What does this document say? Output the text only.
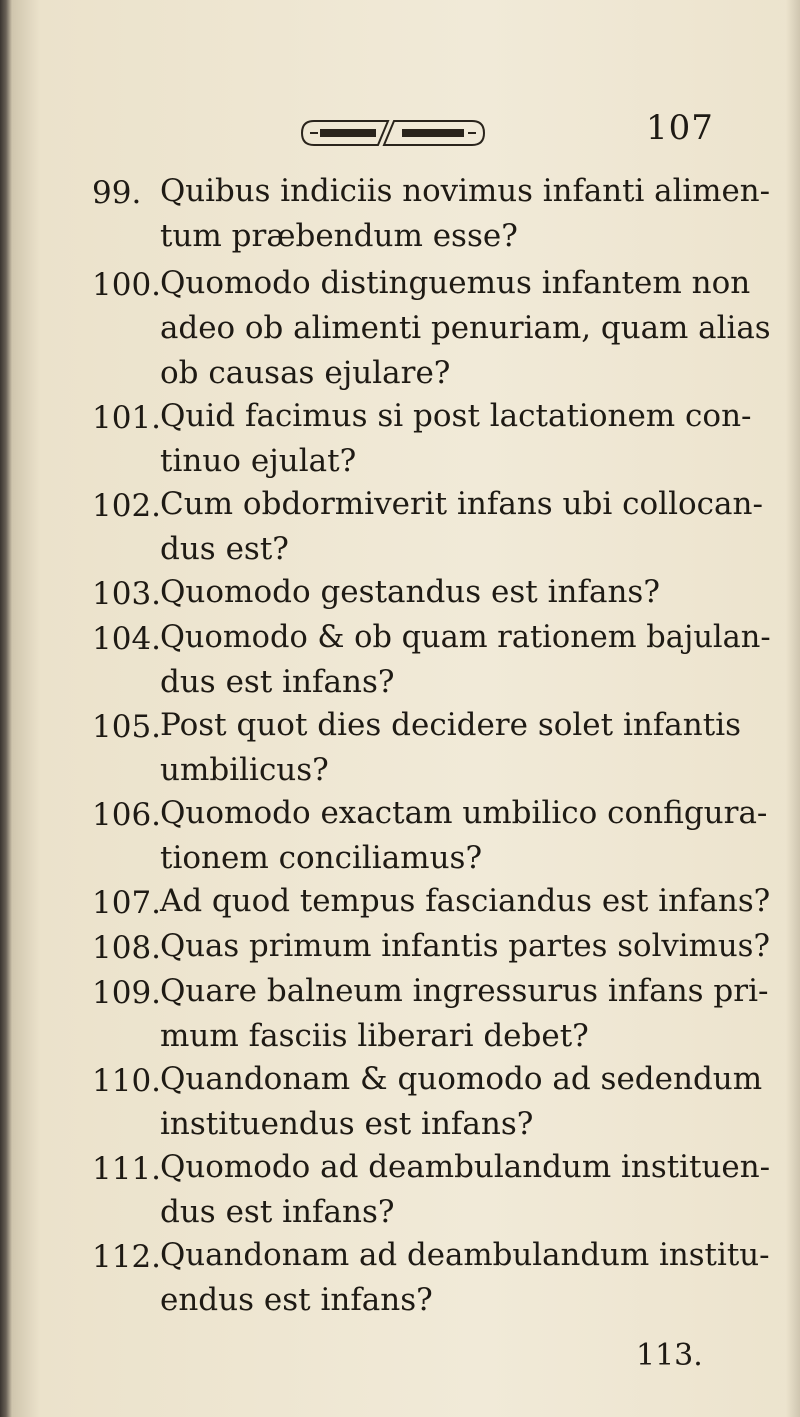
107
99. Quibus indiciis novimus infanti alimen-
tum præbendum esse?
100.
Quomodo distinguemus infantem non
adeo ob alimenti penuriam, quam alias
ob causas ejulare?
101.
Quid facimus si post lactationem con-
tinuo ejulat?
102.
Cum obdormiverit infans ubi collocan-
dus est?
103.
Quomodo gestandus est infans?
104.
Quomodo & ob quam rationem bajulan-
dus est infans?
105.
Post quot dies decidere solet infantis
umbilicus?
106.
Quomodo exactam umbilico configura-
tionem conciliamus?
107.
Ad quod tempus fasciandus est infans?
108.
Quas primum infantis partes solvimus?
109.
Quare balneum ingressurus infans pri-
mum fasciis liberari debet?
110.
Quandonam & quomodo ad sedendum
instituendus est infans?
111.
Quomodo ad deambulandum instituen-
dus est infans?
112.
Quandonam ad deambulandum institu-
endus est infans?
113.
